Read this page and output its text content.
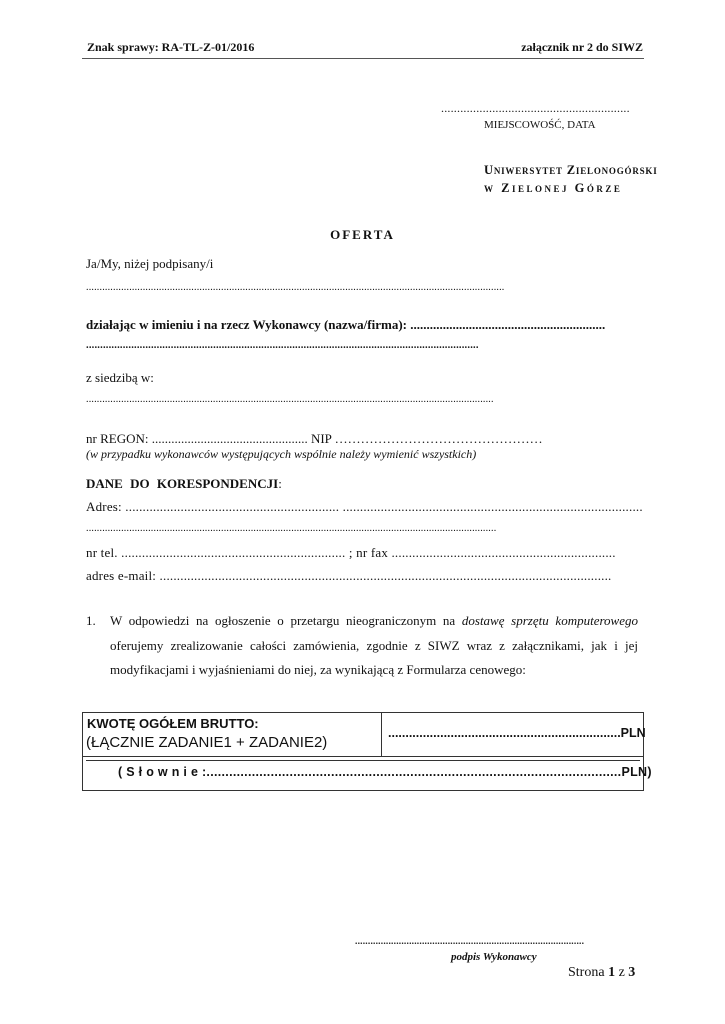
Znak sprawy: RA-TL-Z-01/2016	załącznik nr 2 do SIWZ
...........................................................
MIEJSCOWOŚĆ, DATA
Uniwersytet Zielonogórski
w Zielonej Górze
OFERTA
Ja/My, niżej podpisany/i
...........................................................................................................................................................
działając w imieniu i na rzecz Wykonawcy (nazwa/firma): ............................................................
...........................................................................................................................................
z siedzibą w:
.......................................................................................................................................................
nr REGON: ................................................ NIP …………………………………………
(w przypadku wykonawców występujących wspólnie należy wymienić wszystkich)
DANE DO KORESPONDENCJI:
Adres: .............................................................. .......................................................................................
........................................................................................................................................................
nr tel. ................................................................. ; nr fax .................................................................
adres e-mail: ...................................................................................................................................
1. W odpowiedzi na ogłoszenie o przetargu nieograniczonym na dostawę sprzętu komputerowego
oferujemy zrealizowanie całości zamówienia, zgodnie z SIWZ wraz z załącznikami, jak i jej
modyfikacjami i wyjaśnieniami do niej, za wynikającą z Formularza cenowego:
KWOTĘ OGÓŁEM BRUTTO:
(ŁĄCZNIE ZADANIE1 + ZADANIE2)
...................................................................PLN
( S ł o w n i e :..............................................................................................................PLN)
.........................................................................................
podpis Wykonawcy
Strona 1 z 3
